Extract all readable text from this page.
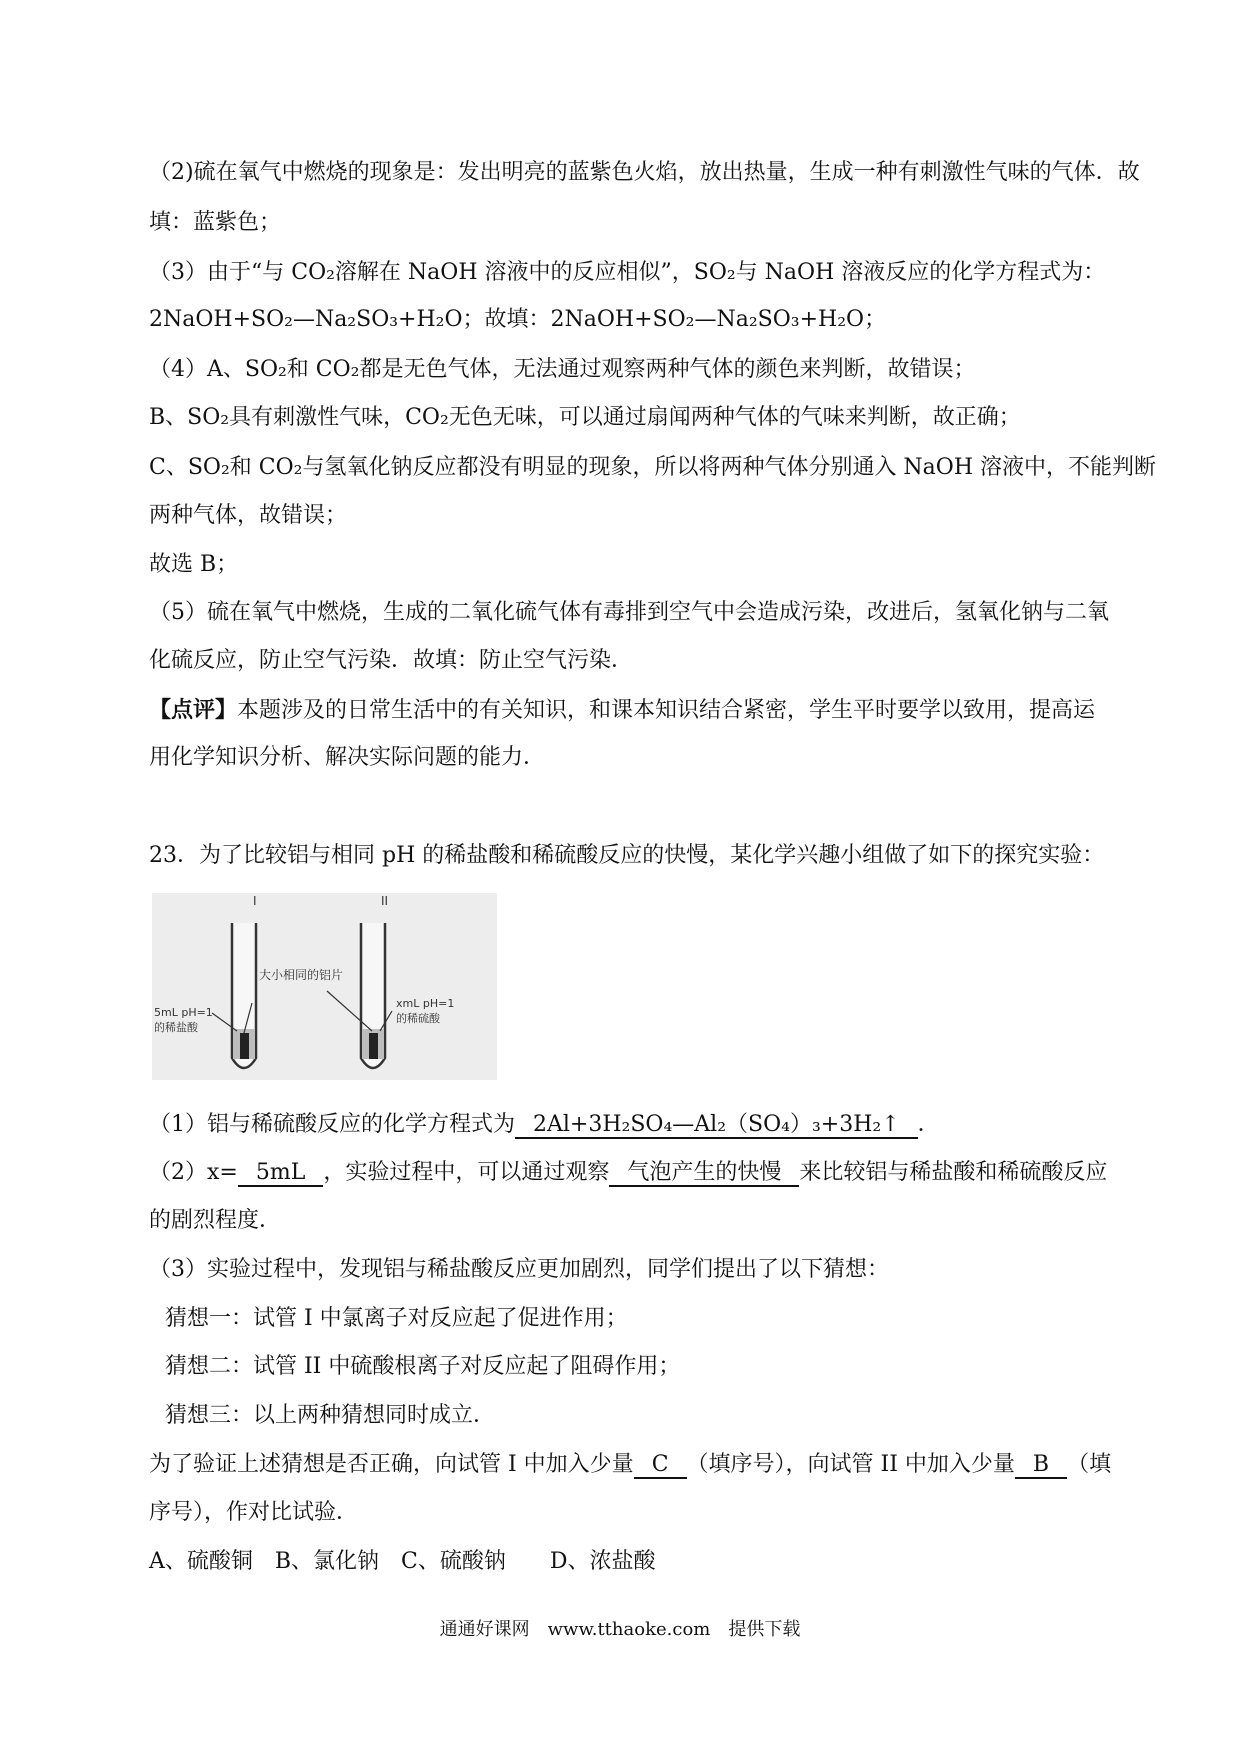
（2)硫在氧气中燃烧的现象是：发出明亮的蓝紫色火焰，放出热量，生成一种有刺激性气味的气体．故
填：蓝紫色；
（3）由于“与 CO₂溶解在 NaOH 溶液中的反应相似”，SO₂与 NaOH 溶液反应的化学方程式为：
2NaOH+SO₂—Na₂SO₃+H₂O；故填：2NaOH+SO₂—Na₂SO₃+H₂O；
（4）A、SO₂和 CO₂都是无色气体，无法通过观察两种气体的颜色来判断，故错误；
B、SO₂具有刺激性气味，CO₂无色无味，可以通过扇闻两种气体的气味来判断，故正确；
C、SO₂和 CO₂与氢氧化钠反应都没有明显的现象，所以将两种气体分别通入 NaOH 溶液中，不能判断
两种气体，故错误；
故选 B；
（5）硫在氧气中燃烧，生成的二氧化硫气体有毒排到空气中会造成污染，改进后，氢氧化钠与二氧
化硫反应，防止空气污染．故填：防止空气污染．
【点评】本题涉及的日常生活中的有关知识，和课本知识结合紧密，学生平时要学以致用，提高运
用化学知识分析、解决实际问题的能力．
23．为了比较铝与相同 pH 的稀盐酸和稀硫酸反应的快慢，某化学兴趣小组做了如下的探究实验：
I	II
大小相同的铝片
5mL pH=1
的稀盐酸
xmL pH=1
的稀硫酸
（1）铝与稀硫酸反应的化学方程式为 2Al+3H₂SO₄—Al₂（SO₄）₃+3H₂↑ ．
（2）x= 5mL ，实验过程中，可以通过观察 气泡产生的快慢 来比较铝与稀盐酸和稀硫酸反应
的剧烈程度．
（3）实验过程中，发现铝与稀盐酸反应更加剧烈，同学们提出了以下猜想：
猜想一：试管 I 中氯离子对反应起了促进作用；
猜想二：试管 II 中硫酸根离子对反应起了阻碍作用；
猜想三：以上两种猜想同时成立．
为了验证上述猜想是否正确，向试管 I 中加入少量 C （填序号），向试管 II 中加入少量 B （填
序号），作对比试验．
A、硫酸铜　B、氯化钠　C、硫酸钠　　D、浓盐酸
通通好课网　www.tthaoke.com　提供下载
